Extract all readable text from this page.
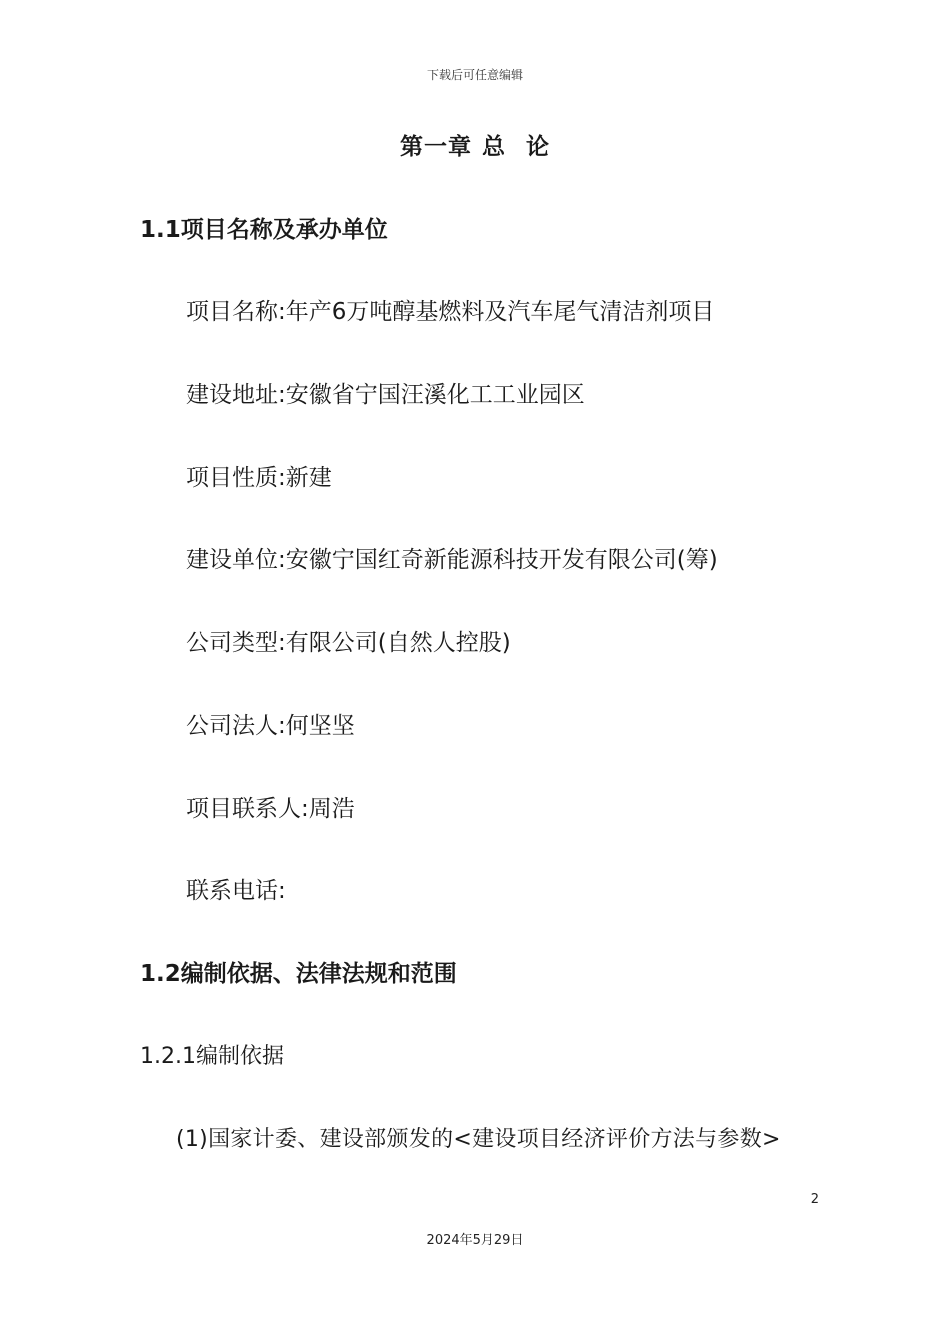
下载后可任意编辑
第一章 总 论
1.1项目名称及承办单位
项目名称:年产6万吨醇基燃料及汽车尾气清洁剂项目
建设地址:安徽省宁国汪溪化工工业园区
项目性质:新建
建设单位:安徽宁国红奇新能源科技开发有限公司(筹)
公司类型:有限公司(自然人控股)
公司法人:何坚坚
项目联系人:周浩
联系电话:
1.2编制依据、法律法规和范围
1.2.1编制依据
(1)国家计委、建设部颁发的<建设项目经济评价方法与参数>
2
2024年5月29日
